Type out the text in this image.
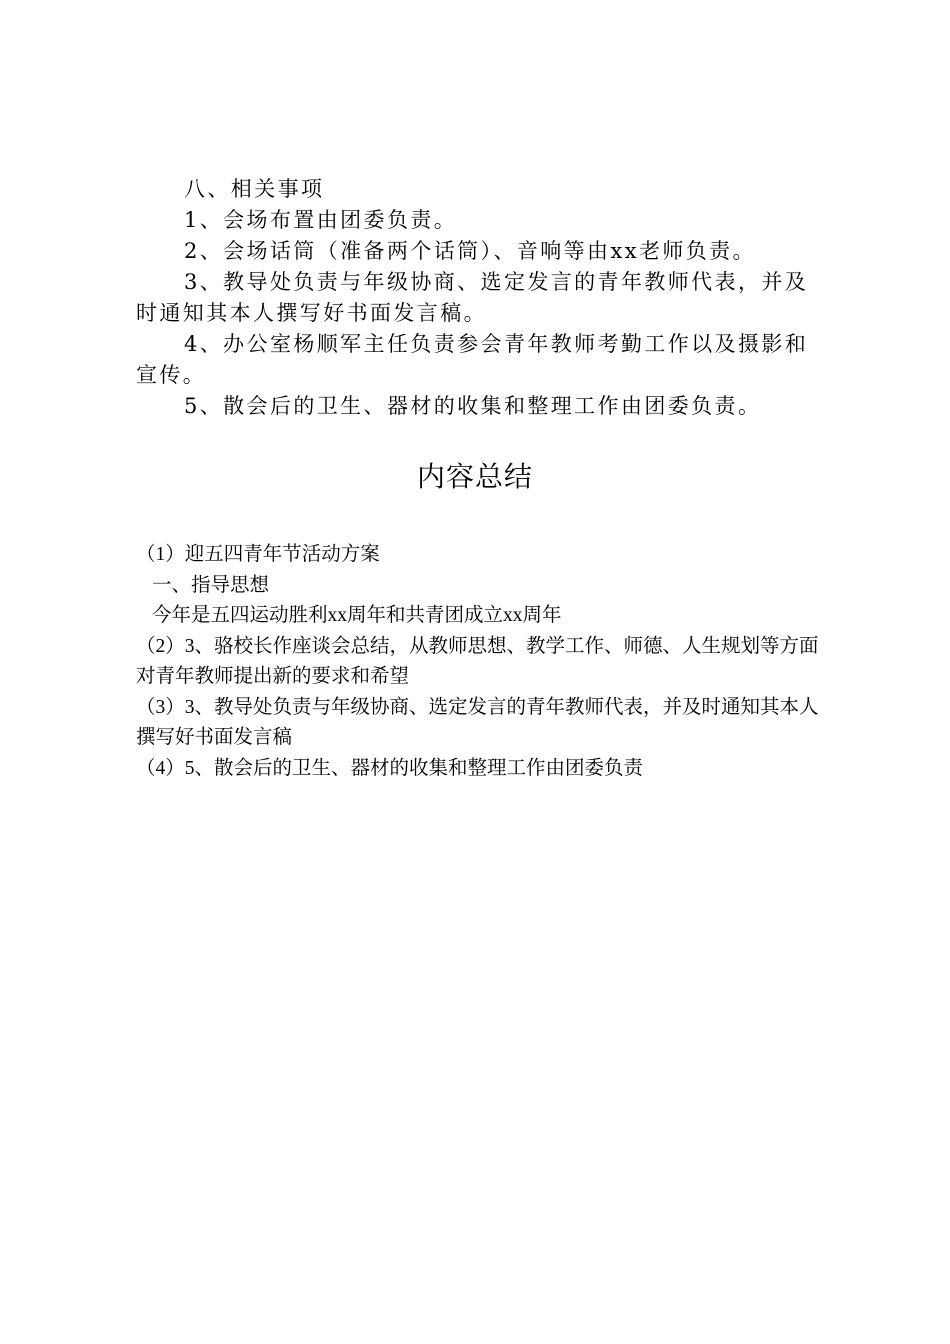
八、相关事项

1、会场布置由团委负责。

2、会场话筒（准备两个话筒）、音响等由xx老师负责。

3、教导处负责与年级协商、选定发言的青年教师代表，并及时通知其本人撰写好书面发言稿。

4、办公室杨顺军主任负责参会青年教师考勤工作以及摄影和宣传。

5、散会后的卫生、器材的收集和整理工作由团委负责。

内容总结

（1）迎五四青年节活动方案

一、指导思想

今年是五四运动胜利xx周年和共青团成立xx周年

（2）3、骆校长作座谈会总结，从教师思想、教学工作、师德、人生规划等方面对青年教师提出新的要求和希望

（3）3、教导处负责与年级协商、选定发言的青年教师代表，并及时通知其本人撰写好书面发言稿

（4）5、散会后的卫生、器材的收集和整理工作由团委负责
